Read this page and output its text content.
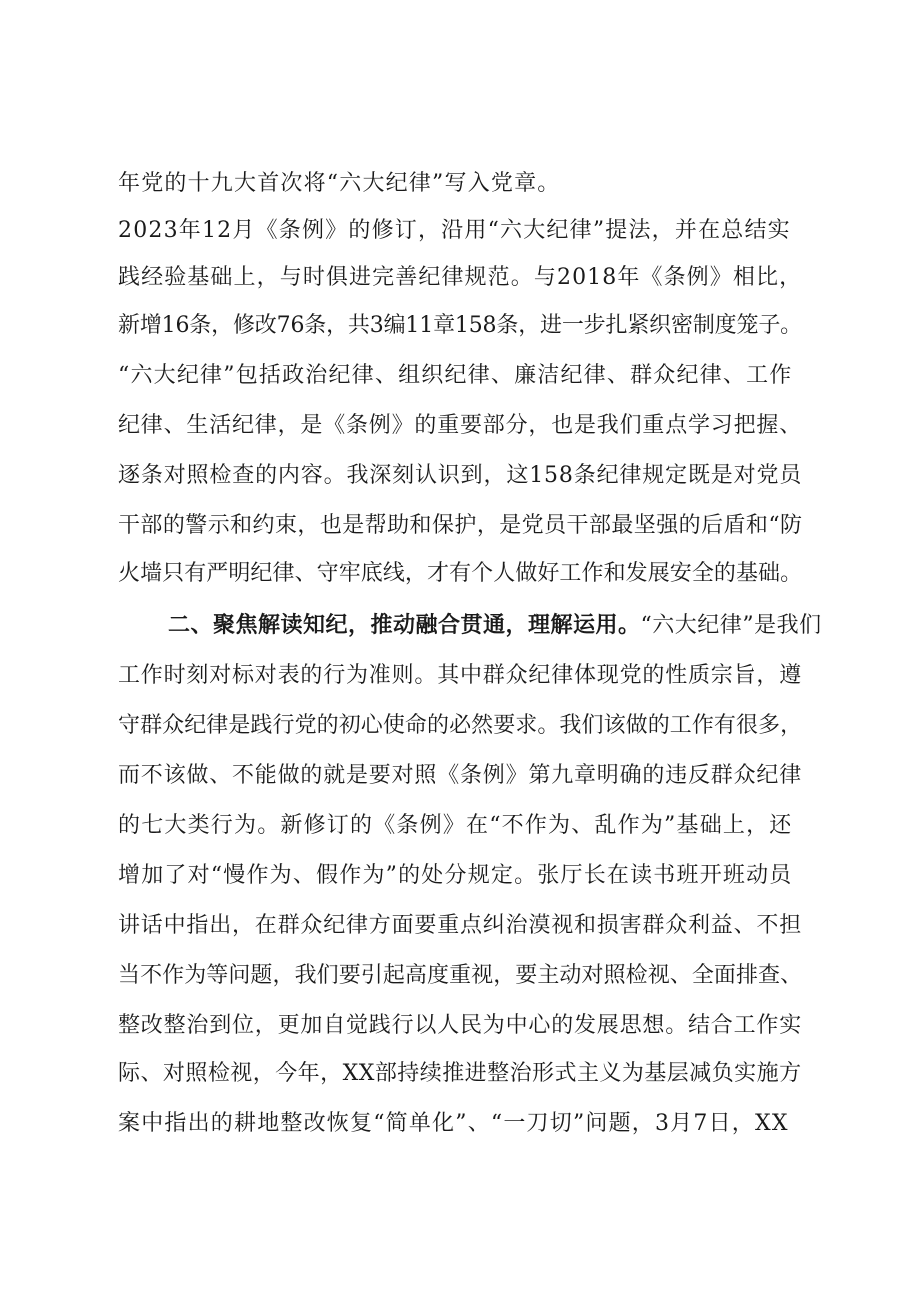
年党的十九大首次将“六大纪律”写入党章。
2023年12月《条例》的修订，沿用“六大纪律”提法，并在总结实
践经验基础上，与时俱进完善纪律规范。与2018年《条例》相比，
新增16条，修改76条，共3编11章158条，进一步扎紧织密制度笼子。
“六大纪律”包括政治纪律、组织纪律、廉洁纪律、群众纪律、工作
纪律、生活纪律，是《条例》的重要部分，也是我们重点学习把握、
逐条对照检查的内容。我深刻认识到，这158条纪律规定既是对党员
干部的警示和约束，也是帮助和保护，是党员干部最坚强的后盾和“防
火墙只有严明纪律、守牢底线，才有个人做好工作和发展安全的基础。
二、聚焦解读知纪，推动融合贯通，理解运用。“六大纪律”是我们
工作时刻对标对表的行为准则。其中群众纪律体现党的性质宗旨，遵
守群众纪律是践行党的初心使命的必然要求。我们该做的工作有很多，
而不该做、不能做的就是要对照《条例》第九章明确的违反群众纪律
的七大类行为。新修订的《条例》在“不作为、乱作为”基础上，还
增加了对“慢作为、假作为”的处分规定。张厅长在读书班开班动员
讲话中指出，在群众纪律方面要重点纠治漠视和损害群众利益、不担
当不作为等问题，我们要引起高度重视，要主动对照检视、全面排查、
整改整治到位，更加自觉践行以人民为中心的发展思想。结合工作实
际、对照检视，今年，XX部持续推进整治形式主义为基层减负实施方
案中指出的耕地整改恢复“简单化”、“一刀切”问题，3月7日，XX
